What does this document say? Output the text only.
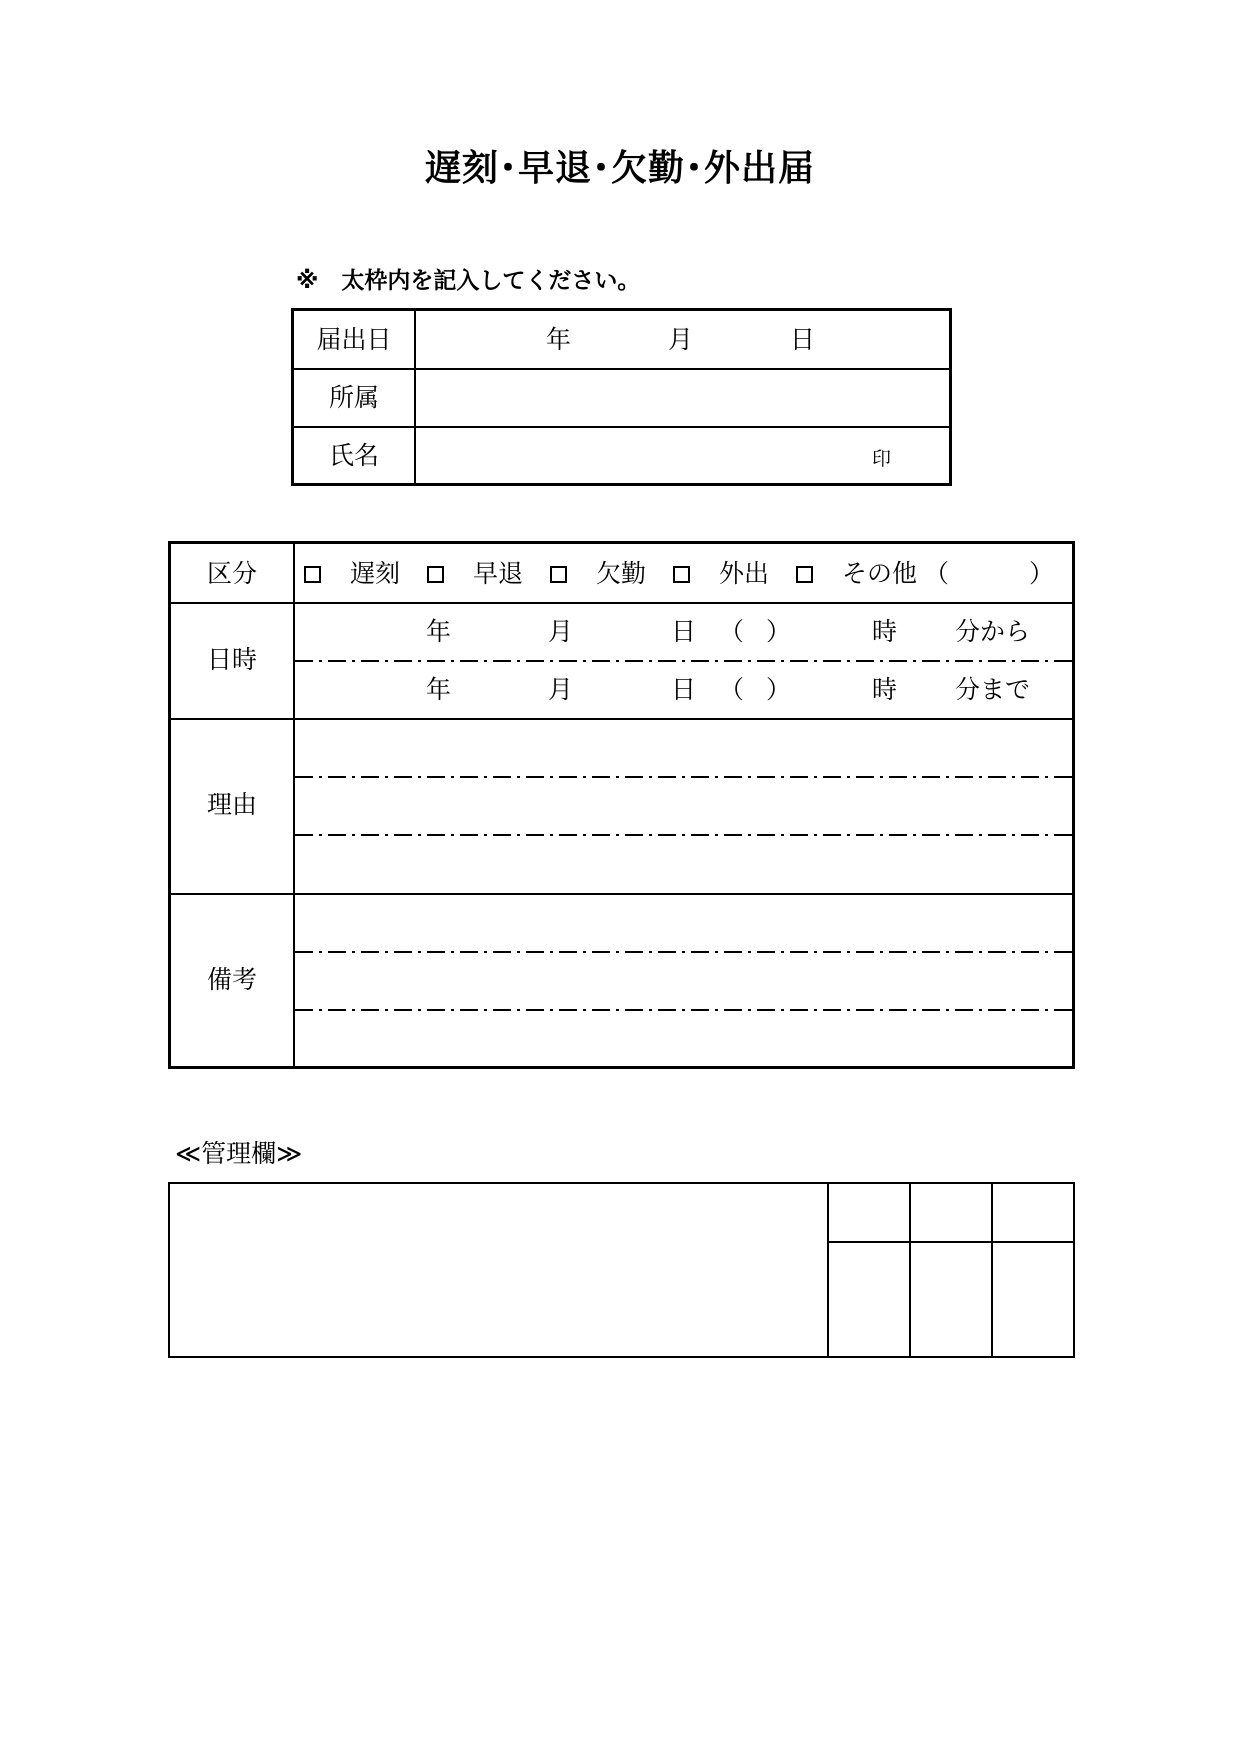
遅刻･早退･欠勤･外出届
※　太枠内を記入してください。
届出日	年	月	日
所属
氏名	印
区分	遅刻	早退	欠勤	外出	その他 （	）
日時
年	月	日 （ ）	時 分から
年	月	日 （ ）	時 分まで
理由
備考
≪管理欄≫
